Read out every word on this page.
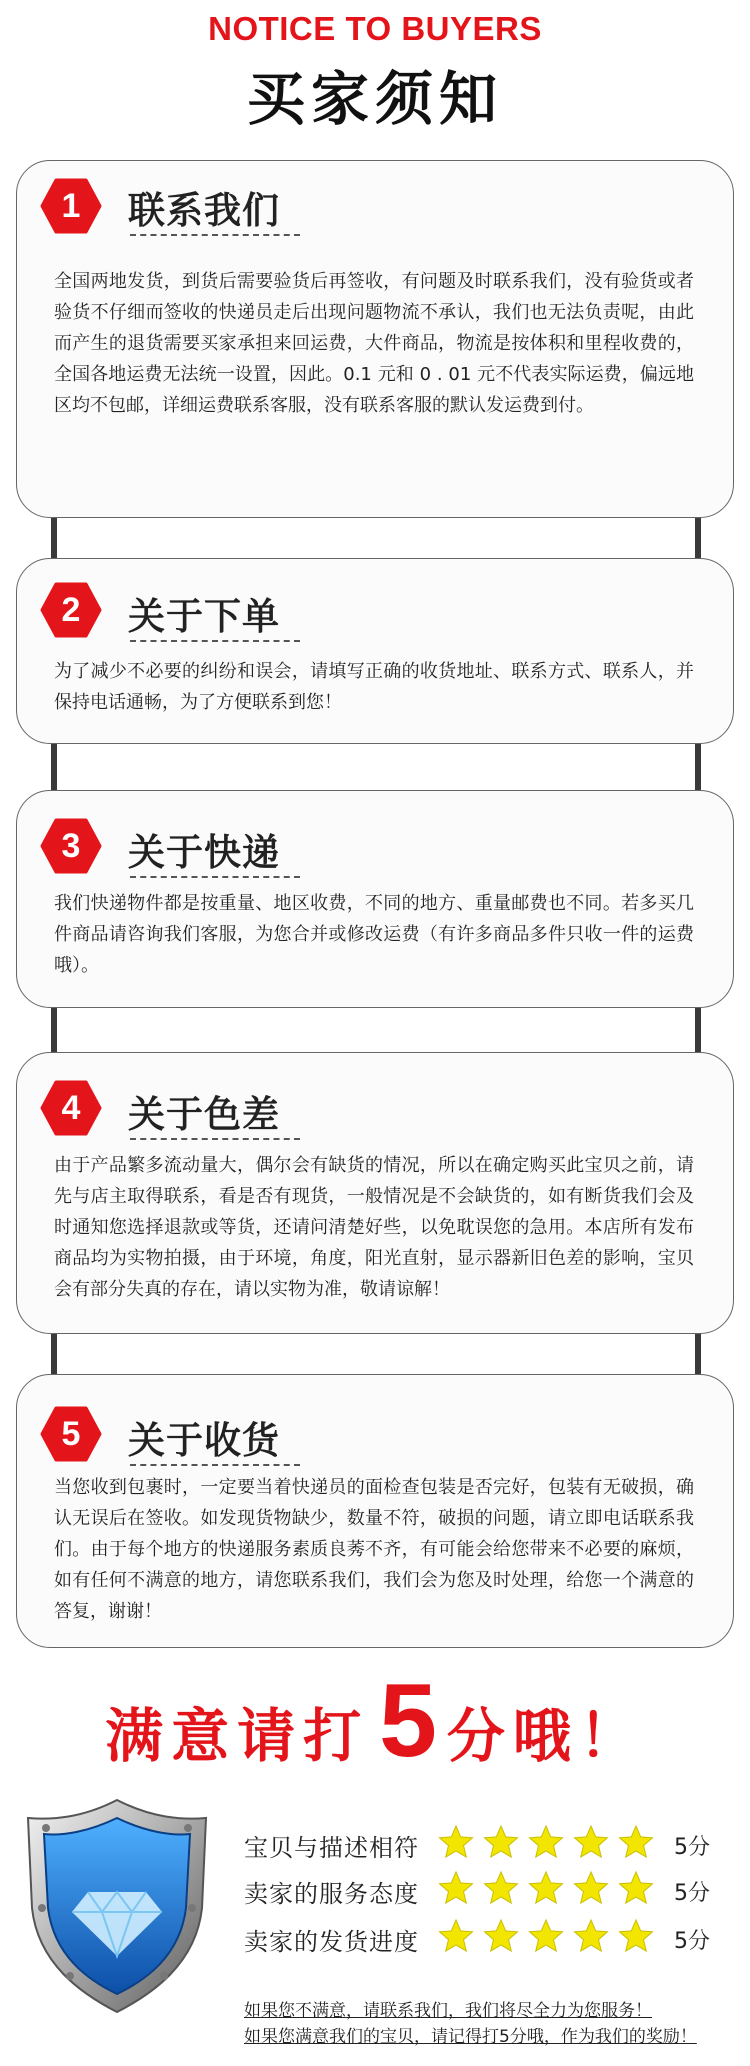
NOTICE TO BUYERS
买家须知
1	联系我们
全国两地发货，到货后需要验货后再签收，有问题及时联系我们，没有验货或者验货不仔细而签收的快递员走后出现问题物流不承认，我们也无法负责呢，由此而产生的退货需要买家承担来回运费，大件商品，物流是按体积和里程收费的，全国各地运费无法统一设置，因此。0.1 元和 0 . 01 元不代表实际运费，偏远地区均不包邮，详细运费联系客服，没有联系客服的默认发运费到付。
2	关于下单
为了减少不必要的纠纷和误会，请填写正确的收货地址、联系方式、联系人，并保持电话通畅，为了方便联系到您！
3	关于快递
我们快递物件都是按重量、地区收费，不同的地方、重量邮费也不同。若多买几件商品请咨询我们客服，为您合并或修改运费（有许多商品多件只收一件的运费哦）。
4	关于色差
由于产品繁多流动量大，偶尔会有缺货的情况，所以在确定购买此宝贝之前，请先与店主取得联系，看是否有现货，一般情况是不会缺货的，如有断货我们会及时通知您选择退款或等货，还请问清楚好些，以免耽误您的急用。本店所有发布商品均为实物拍摄，由于环境，角度，阳光直射，显示器新旧色差的影响，宝贝会有部分失真的存在，请以实物为准，敬请谅解！
5	关于收货
当您收到包裹时，一定要当着快递员的面检查包装是否完好，包装有无破损，确认无误后在签收。如发现货物缺少，数量不符，破损的问题，请立即电话联系我们。由于每个地方的快递服务素质良莠不齐，有可能会给您带来不必要的麻烦，如有任何不满意的地方，请您联系我们，我们会为您及时处理，给您一个满意的答复，谢谢！
满意请打5 分哦！
宝贝与描述相符	5分
卖家的服务态度	5分
卖家的发货进度	5分
如果您不满意，请联系我们，我们将尽全力为您服务！
如果您满意我们的宝贝，请记得打5分哦，作为我们的奖励！
